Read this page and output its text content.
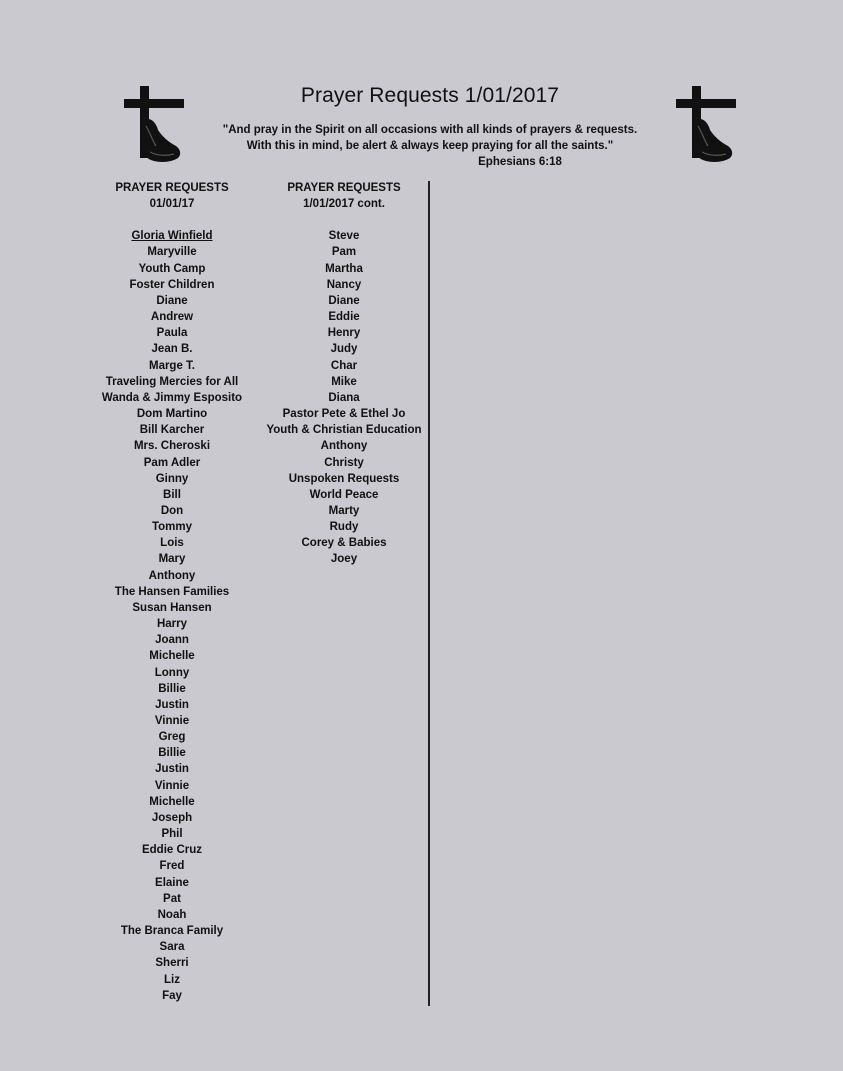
Prayer Requests 1/01/2017
"And pray in the Spirit on all occasions with all kinds of prayers & requests.
With this in mind, be alert & always keep praying for all the saints."
Ephesians 6:18
PRAYER REQUESTS
01/01/17
Gloria Winfield
Maryville
Youth Camp
Foster Children
Diane
Andrew
Paula
Jean B.
Marge T.
Traveling Mercies for All
Wanda & Jimmy Esposito
Dom Martino
Bill Karcher
Mrs. Cheroski
Pam Adler
Ginny
Bill
Don
Tommy
Lois
Mary
Anthony
The Hansen Families
Susan Hansen
Harry
Joann
Michelle
Lonny
Billie
Justin
Vinnie
Greg
Billie
Justin
Vinnie
Michelle
Joseph
Phil
Eddie Cruz
Fred
Elaine
Pat
Noah
The Branca Family
Sara
Sherri
Liz
Fay
PRAYER REQUESTS
1/01/2017 cont.
Steve
Pam
Martha
Nancy
Diane
Eddie
Henry
Judy
Char
Mike
Diana
Pastor Pete & Ethel Jo
Youth & Christian Education
Anthony
Christy
Unspoken Requests
World Peace
Marty
Rudy
Corey & Babies
Joey
